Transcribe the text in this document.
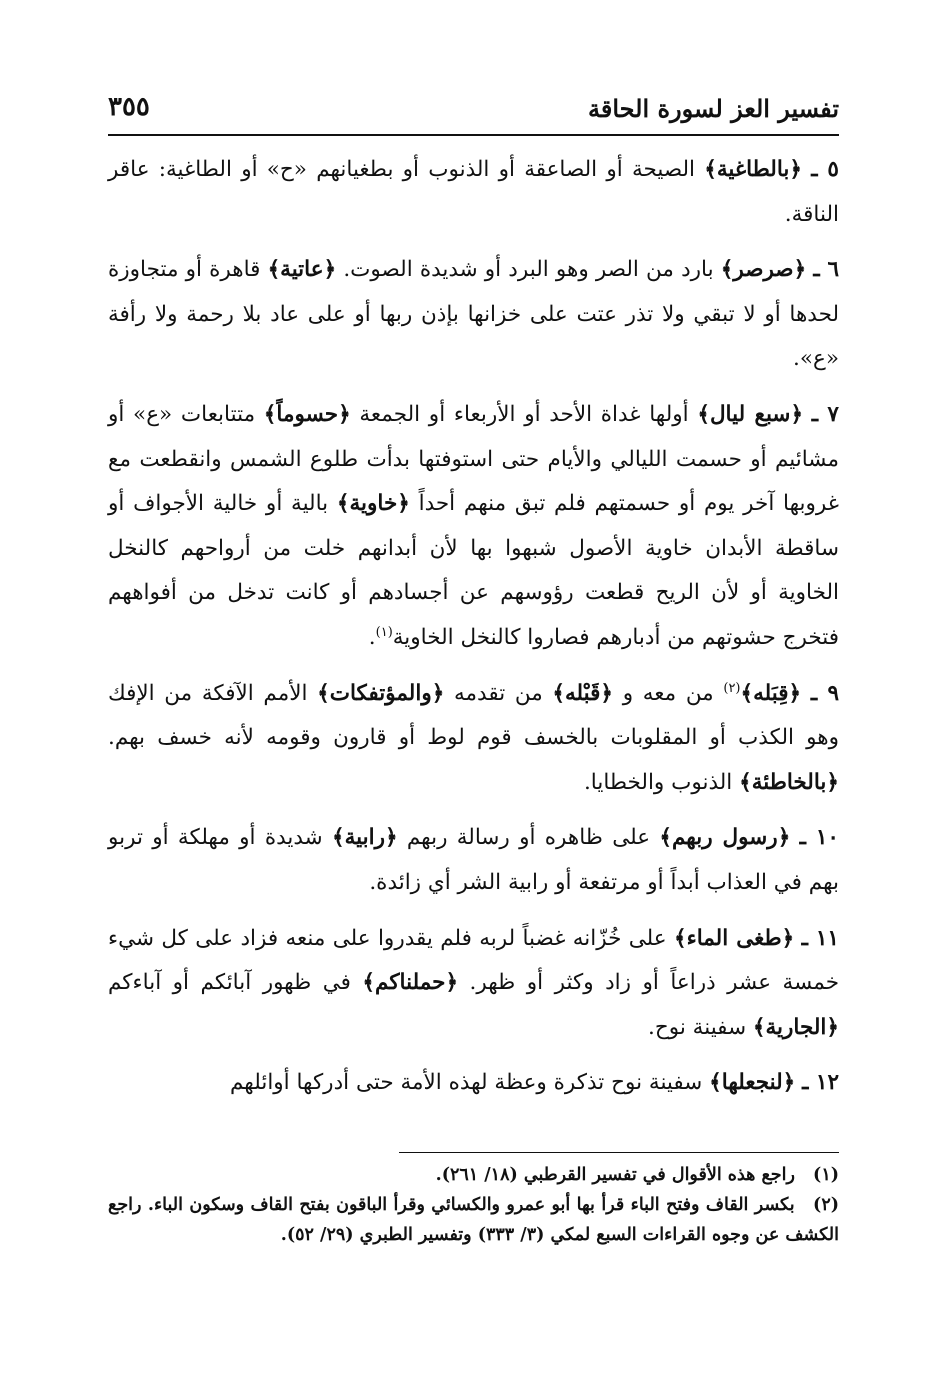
تفسير العز لسورة الحاقة
٣٥٥

٥ ـ ﴿ بالطاغية ﴾ الصيحة أو الصاعقة أو الذنوب أو بطغيانهم «ح» أو الطاغية: عاقر الناقة.

٦ ـ ﴿ صرصر ﴾ بارد من الصر وهو البرد أو شديدة الصوت. ﴿ عاتية ﴾ قاهرة أو متجاوزة لحدها أو لا تبقي ولا تذر عتت على خزانها بإذن ربها أو على عاد بلا رحمة ولا رأفة «ع».

٧ ـ ﴿ سبع ليال ﴾ أولها غداة الأحد أو الأربعاء أو الجمعة ﴿ حسوماً ﴾ متتابعات «ع» أو مشائيم أو حسمت الليالي والأيام حتى استوفتها بدأت طلوع الشمس وانقطعت مع غروبها آخر يوم أو حسمتهم فلم تبق منهم أحداً ﴿ خاوية ﴾ بالية أو خالية الأجواف أو ساقطة الأبدان خاوية الأصول شبهوا بها لأن أبدانهم خلت من أرواحهم كالنخل الخاوية أو لأن الريح قطعت رؤوسهم عن أجسادهم أو كانت تدخل من أفواههم فتخرج حشوتهم من أدبارهم فصاروا كالنخل الخاوية$^{(١)}$.

٩ ـ ﴿ قِبَله ﴾$^{(٢)}$ من معه و ﴿ قَبْله ﴾ من تقدمه ﴿ والمؤتفكات ﴾ الأمم الآفكة من الإفك وهو الكذب أو المقلوبات بالخسف قوم لوط أو قارون وقومه لأنه خسف بهم. ﴿ بالخاطئة ﴾ الذنوب والخطايا.

١٠ ـ ﴿ رسول ربهم ﴾ على ظاهره أو رسالة ربهم ﴿ رابية ﴾ شديدة أو مهلكة أو تربو بهم في العذاب أبداً أو مرتفعة أو رابية الشر أي زائدة.

١١ ـ ﴿ طغى الماء ﴾ على خُزّانه غضباً لربه فلم يقدروا على منعه فزاد على كل شيء خمسة عشر ذراعاً أو زاد وكثر أو ظهر. ﴿ حملناكم ﴾ في ظهور آبائكم أو آباءكم ﴿ الجارية ﴾ سفينة نوح.

١٢ ـ ﴿ لنجعلها ﴾ سفينة نوح تذكرة وعظة لهذه الأمة حتى أدركها أوائلهم

(١) راجع هذه الأقوال في تفسير القرطبي (١٨/ ٢٦١).

(٢) بكسر القاف وفتح الباء قرأ بها أبو عمرو والكسائي وقرأ الباقون بفتح القاف وسكون الباء. راجع الكشف عن وجوه القراءات السبع لمكي (٣/ ٣٣٣) وتفسير الطبري (٢٩/ ٥٢).
